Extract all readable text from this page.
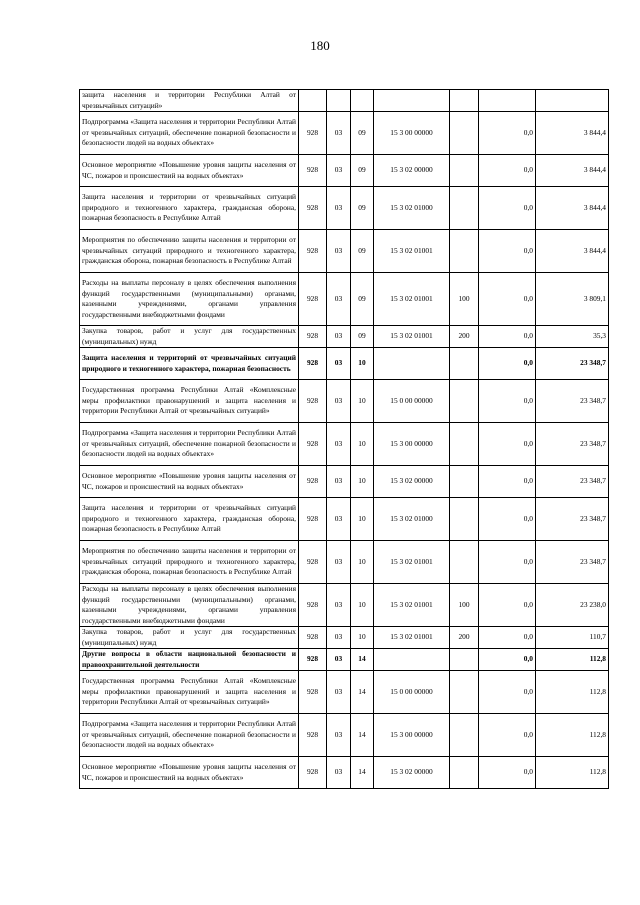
180
защита населения и территории Республики Алтай от чрезвычайных ситуаций»							
Подпрограмма «Защита населения и территории Республики Алтай от чрезвычайных ситуаций, обеспечение пожарной безопасности и безопасности людей на водных объектах»	928	03	09	15 3 00 00000		0,0	3 844,4
Основное мероприятие «Повышение уровня защиты населения от ЧС, пожаров и происшествий на водных объектах»	928	03	09	15 3 02 00000		0,0	3 844,4
Защита населения и территории от чрезвычайных ситуаций природного и техногенного характера, гражданская оборона, пожарная безопасность в Республике Алтай	928	03	09	15 3 02 01000		0,0	3 844,4
Мероприятия по обеспечению защиты населения и территории от чрезвычайных ситуаций природного и техногенного характера, гражданская оборона, пожарная безопасность в Республике Алтай	928	03	09	15 3 02 01001		0,0	3 844,4
Расходы на выплаты персоналу в целях обеспечения выполнения функций государственными (муниципальными) органами, казенными учреждениями, органами управления государственными внебюджетными фондами	928	03	09	15 3 02 01001	100	0,0	3 809,1
Закупка товаров, работ и услуг для государственных (муниципальных) нужд	928	03	09	15 3 02 01001	200	0,0	35,3
Защита населения и территорий от чрезвычайных ситуаций природного и техногенного характера, пожарная безопасность	928	03	10			0,0	23 348,7
Государственная программа Республики Алтай «Комплексные меры профилактики правонарушений и защита населения и территории Республики Алтай от чрезвычайных ситуаций»	928	03	10	15 0 00 00000		0,0	23 348,7
Подпрограмма «Защита населения и территории Республики Алтай от чрезвычайных ситуаций, обеспечение пожарной безопасности и безопасности людей на водных объектах»	928	03	10	15 3 00 00000		0,0	23 348,7
Основное мероприятие «Повышение уровня защиты населения от ЧС, пожаров и происшествий на водных объектах»	928	03	10	15 3 02 00000		0,0	23 348,7
Защита населения и территории от чрезвычайных ситуаций природного и техногенного характера, гражданская оборона, пожарная безопасность в Республике Алтай	928	03	10	15 3 02 01000		0,0	23 348,7
Мероприятия по обеспечению защиты населения и территории от чрезвычайных ситуаций природного и техногенного характера, гражданская оборона, пожарная безопасность в Республике Алтай	928	03	10	15 3 02 01001		0,0	23 348,7
Расходы на выплаты персоналу в целях обеспечения выполнения функций государственными (муниципальными) органами, казенными учреждениями, органами управления государственными внебюджетными фондами	928	03	10	15 3 02 01001	100	0,0	23 238,0
Закупка товаров, работ и услуг для государственных (муниципальных) нужд	928	03	10	15 3 02 01001	200	0,0	110,7
Другие вопросы в области национальной безопасности и правоохранительной деятельности	928	03	14			0,0	112,8
Государственная программа Республики Алтай «Комплексные меры профилактики правонарушений и защита населения и территории Республики Алтай от чрезвычайных ситуаций»	928	03	14	15 0 00 00000		0,0	112,8
Подпрограмма «Защита населения и территории Республики Алтай от чрезвычайных ситуаций, обеспечение пожарной безопасности и безопасности людей на водных объектах»	928	03	14	15 3 00 00000		0,0	112,8
Основное мероприятие «Повышение уровня защиты населения от ЧС, пожаров и происшествий на водных объектах»	928	03	14	15 3 02 00000		0,0	112,8
